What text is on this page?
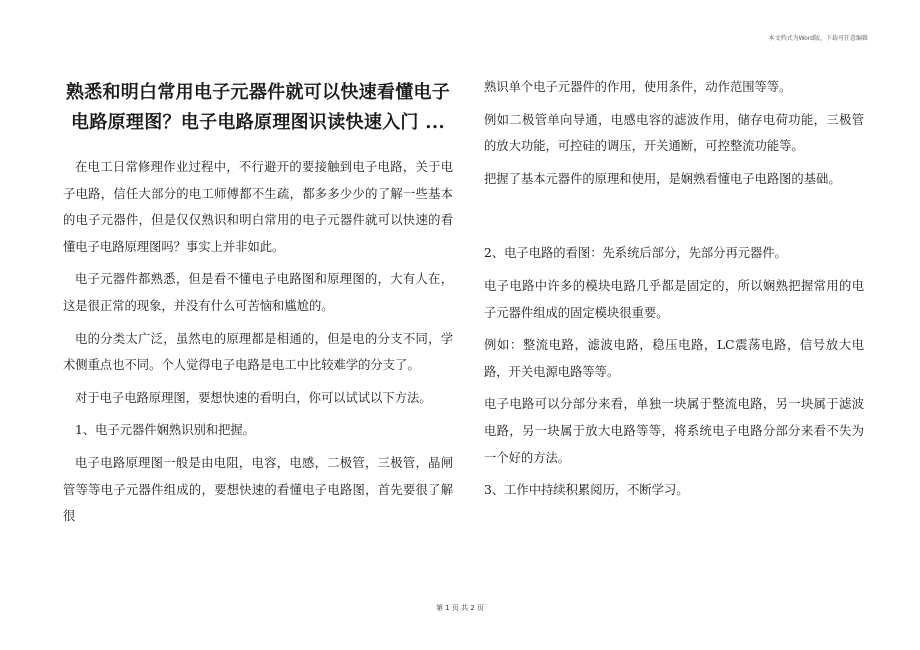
本文档式为Word版，下载可任意编辑
熟悉和明白常用电子元器件就可以快速看懂电子电路原理图？电子电路原理图识读快速入门 ...

在电工日常修理作业过程中，不行避开的要接触到电子电路，关于电子电路，信任大部分的电工师傅都不生疏，都多多少少的了解一些基本的电子元器件，但是仅仅熟识和明白常用的电子元器件就可以快速的看懂电子电路原理图吗？事实上并非如此。

电子元器件都熟悉，但是看不懂电子电路图和原理图的，大有人在，这是很正常的现象，并没有什么可苦恼和尴尬的。

电的分类太广泛，虽然电的原理都是相通的，但是电的分支不同，学术侧重点也不同。个人觉得电子电路是电工中比较难学的分支了。

对于电子电路原理图，要想快速的看明白，你可以试试以下方法。

1、电子元器件娴熟识别和把握。

电子电路原理图一般是由电阻，电容，电感，二极管，三极管，晶闸管等等电子元器件组成的，要想快速的看懂电子电路图，首先要很了解很

熟识单个电子元器件的作用，使用条件，动作范围等等。

例如二极管单向导通，电感电容的滤波作用，储存电荷功能，三极管的放大功能，可控硅的调压，开关通断，可控整流功能等。

把握了基本元器件的原理和使用，是娴熟看懂电子电路图的基础。

2、电子电路的看图：先系统后部分，先部分再元器件。

电子电路中许多的模块电路几乎都是固定的，所以娴熟把握常用的电子元器件组成的固定模块很重要。

例如：整流电路，滤波电路，稳压电路，LC震荡电路，信号放大电路，开关电源电路等等。

电子电路可以分部分来看，单独一块属于整流电路，另一块属于滤波电路，另一块属于放大电路等等，将系统电子电路分部分来看不失为一个好的方法。

3、工作中持续积累阅历，不断学习。

第 1 页 共 2 页
